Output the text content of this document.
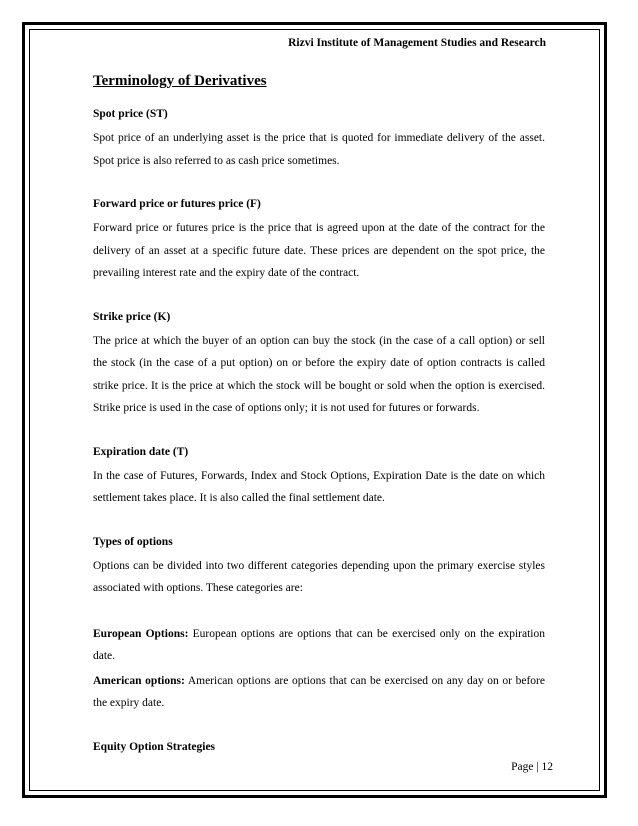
Rizvi Institute of Management Studies and Research
Terminology of Derivatives
Spot price (ST)

Spot price of an underlying asset is the price that is quoted for immediate delivery of the asset. Spot price is also referred to as cash price sometimes.

Forward price or futures price (F)

Forward price or futures price is the price that is agreed upon at the date of the contract for the delivery of an asset at a specific future date. These prices are dependent on the spot price, the prevailing interest rate and the expiry date of the contract.

Strike price (K)

The price at which the buyer of an option can buy the stock (in the case of a call option) or sell the stock (in the case of a put option) on or before the expiry date of option contracts is called strike price. It is the price at which the stock will be bought or sold when the option is exercised. Strike price is used in the case of options only; it is not used for futures or forwards.

Expiration date (T)

In the case of Futures, Forwards, Index and Stock Options, Expiration Date is the date on which settlement takes place. It is also called the final settlement date.

Types of options

Options can be divided into two different categories depending upon the primary exercise styles associated with options. These categories are:

European Options: European options are options that can be exercised only on the expiration date.

American options: American options are options that can be exercised on any day on or before the expiry date.

Equity Option Strategies
Page | 12
